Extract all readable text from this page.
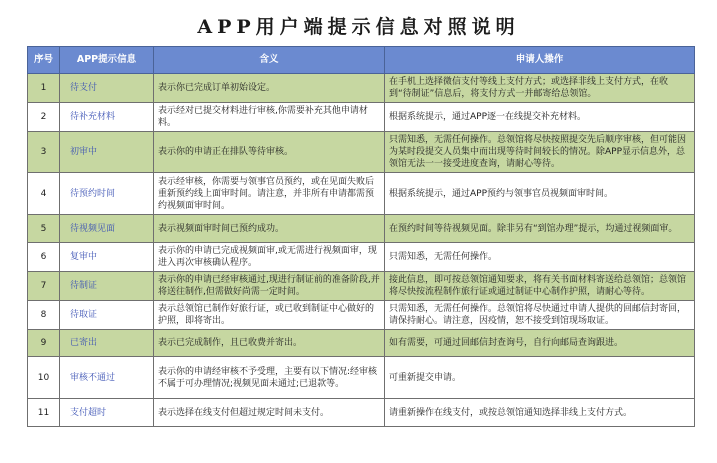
APP用户端提示信息对照说明
序号	APP提示信息	含义	申请人操作
1	待支付	表示你已完成订单初始设定。	在手机上选择微信支付等线上支付方式；或选择非线上支付方式，在收到“待制证”信息后，将支付方式一并邮寄给总领馆。
2	待补充材料	表示经对已提交材料进行审核,你需要补充其他申请材料。	根据系统提示，通过APP逐一在线提交补充材料。
3	初审中	表示你的申请正在排队等待审核。	只需知悉，无需任何操作。总领馆将尽快按照提交先后顺序审核，但可能因为某时段提交人员集中而出现等待时间较长的情况。除APP显示信息外，总领馆无法一一接受进度查询，请耐心等待。
4	待预约时间	表示经审核，你需要与领事官员预约，或在见面失败后重新预约线上面审时间。请注意，并非所有申请都需预约视频面审时间。	根据系统提示，通过APP预约与领事官员视频面审时间。
5	待视频见面	表示视频面审时间已预约成功。	在预约时间等待视频见面。除非另有“到馆办理”提示，均通过视频面审。
6	复审中	表示你的申请已完成视频面审,或无需进行视频面审，现进入再次审核确认程序。	只需知悉，无需任何操作。
7	待制证	表示你的申请已经审核通过,现进行制证前的准备阶段,并将送往制作,但需做好尚需一定时间。	接此信息，即可按总领馆通知要求，将有关书面材料寄送给总领馆；总领馆将尽快按流程制作旅行证或通过制证中心制作护照，请耐心等待。
8	待取证	表示总领馆已制作好旅行证，或已收到制证中心做好的护照，即将寄出。	只需知悉，无需任何操作。总领馆将尽快通过申请人提供的回邮信封寄回，请保持耐心。请注意，因疫情，恕不接受到馆现场取证。
9	已寄出	表示已完成制作，且已收费并寄出。	如有需要，可通过回邮信封查询号，自行向邮局查询跟进。
10	审核不通过	表示你的申请经审核不予受理，主要有以下情况:经审核不属于可办理情况;视频见面未通过;已退款等。	可重新提交申请。
11	支付超时	表示选择在线支付但超过规定时间未支付。	请重新操作在线支付，或按总领馆通知选择非线上支付方式。
